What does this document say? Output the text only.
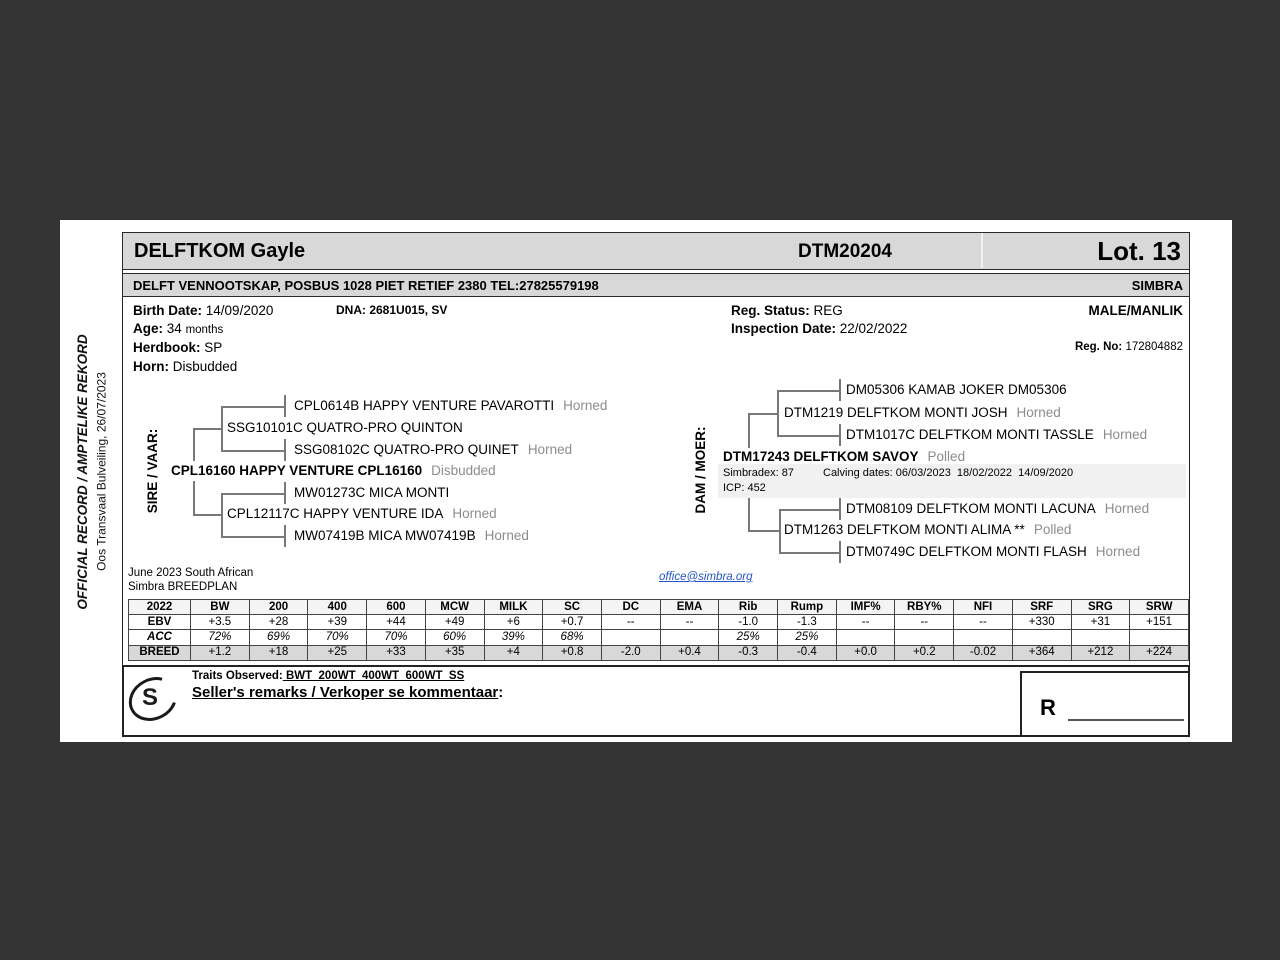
OFFICIAL RECORD / AMPTELIKE REKORD Oos Transvaal Bulveiling, 26/07/2023
DELFTKOM Gayle	DTM20204	Lot. 13
DELFT VENNOOTSKAP, POSBUS 1028 PIET RETIEF 2380 TEL:27825579198	SIMBRA
Birth Date: 14/09/2020	DNA: 2681U015, SV
Age: 34 months
Herdbook: SP
Horn: Disbudded
Reg. Status: REG
Inspection Date: 22/02/2022
MALE/MANLIK
Reg. No: 172804882
SIRE / VAAR:
CPL0614B HAPPY VENTURE PAVAROTTI Horned
SSG10101C QUATRO-PRO QUINTON
SSG08102C QUATRO-PRO QUINET Horned
CPL16160 HAPPY VENTURE CPL16160 Disbudded
MW01273C MICA MONTI
CPL12117C HAPPY VENTURE IDA Horned
MW07419B MICA MW07419B Horned
DAM / MOER:
DM05306 KAMAB JOKER DM05306
DTM1219 DELFTKOM MONTI JOSH Horned
DTM1017C DELFTKOM MONTI TASSLE Horned
DTM17243 DELFTKOM SAVOY Polled
Simbradex: 87	Calving dates: 06/03/2023  18/02/2022  14/09/2020
ICP: 452
DTM08109 DELFTKOM MONTI LACUNA Horned
DTM1263 DELFTKOM MONTI ALIMA ** Polled
DTM0749C DELFTKOM MONTI FLASH Horned
June 2023 South African
Simbra BREEDPLAN
office@simbra.org
2022	BW	200	400	600	MCW	MILK	SC	DC	EMA	Rib	Rump	IMF%	RBY%	NFI	SRF	SRG	SRW
EBV	+3.5	+28	+39	+44	+49	+6	+0.7	--	--	-1.0	-1.3	--	--	--	+330	+31	+151
ACC	72%	69%	70%	70%	60%	39%	68%			25%	25%						
BREED	+1.2	+18	+25	+33	+35	+4	+0.8	-2.0	+0.4	-0.3	-0.4	+0.0	+0.2	-0.02	+364	+212	+224
S
Traits Observed: BWT  200WT  400WT  600WT  SS
Seller's remarks / Verkoper se kommentaar:
R
